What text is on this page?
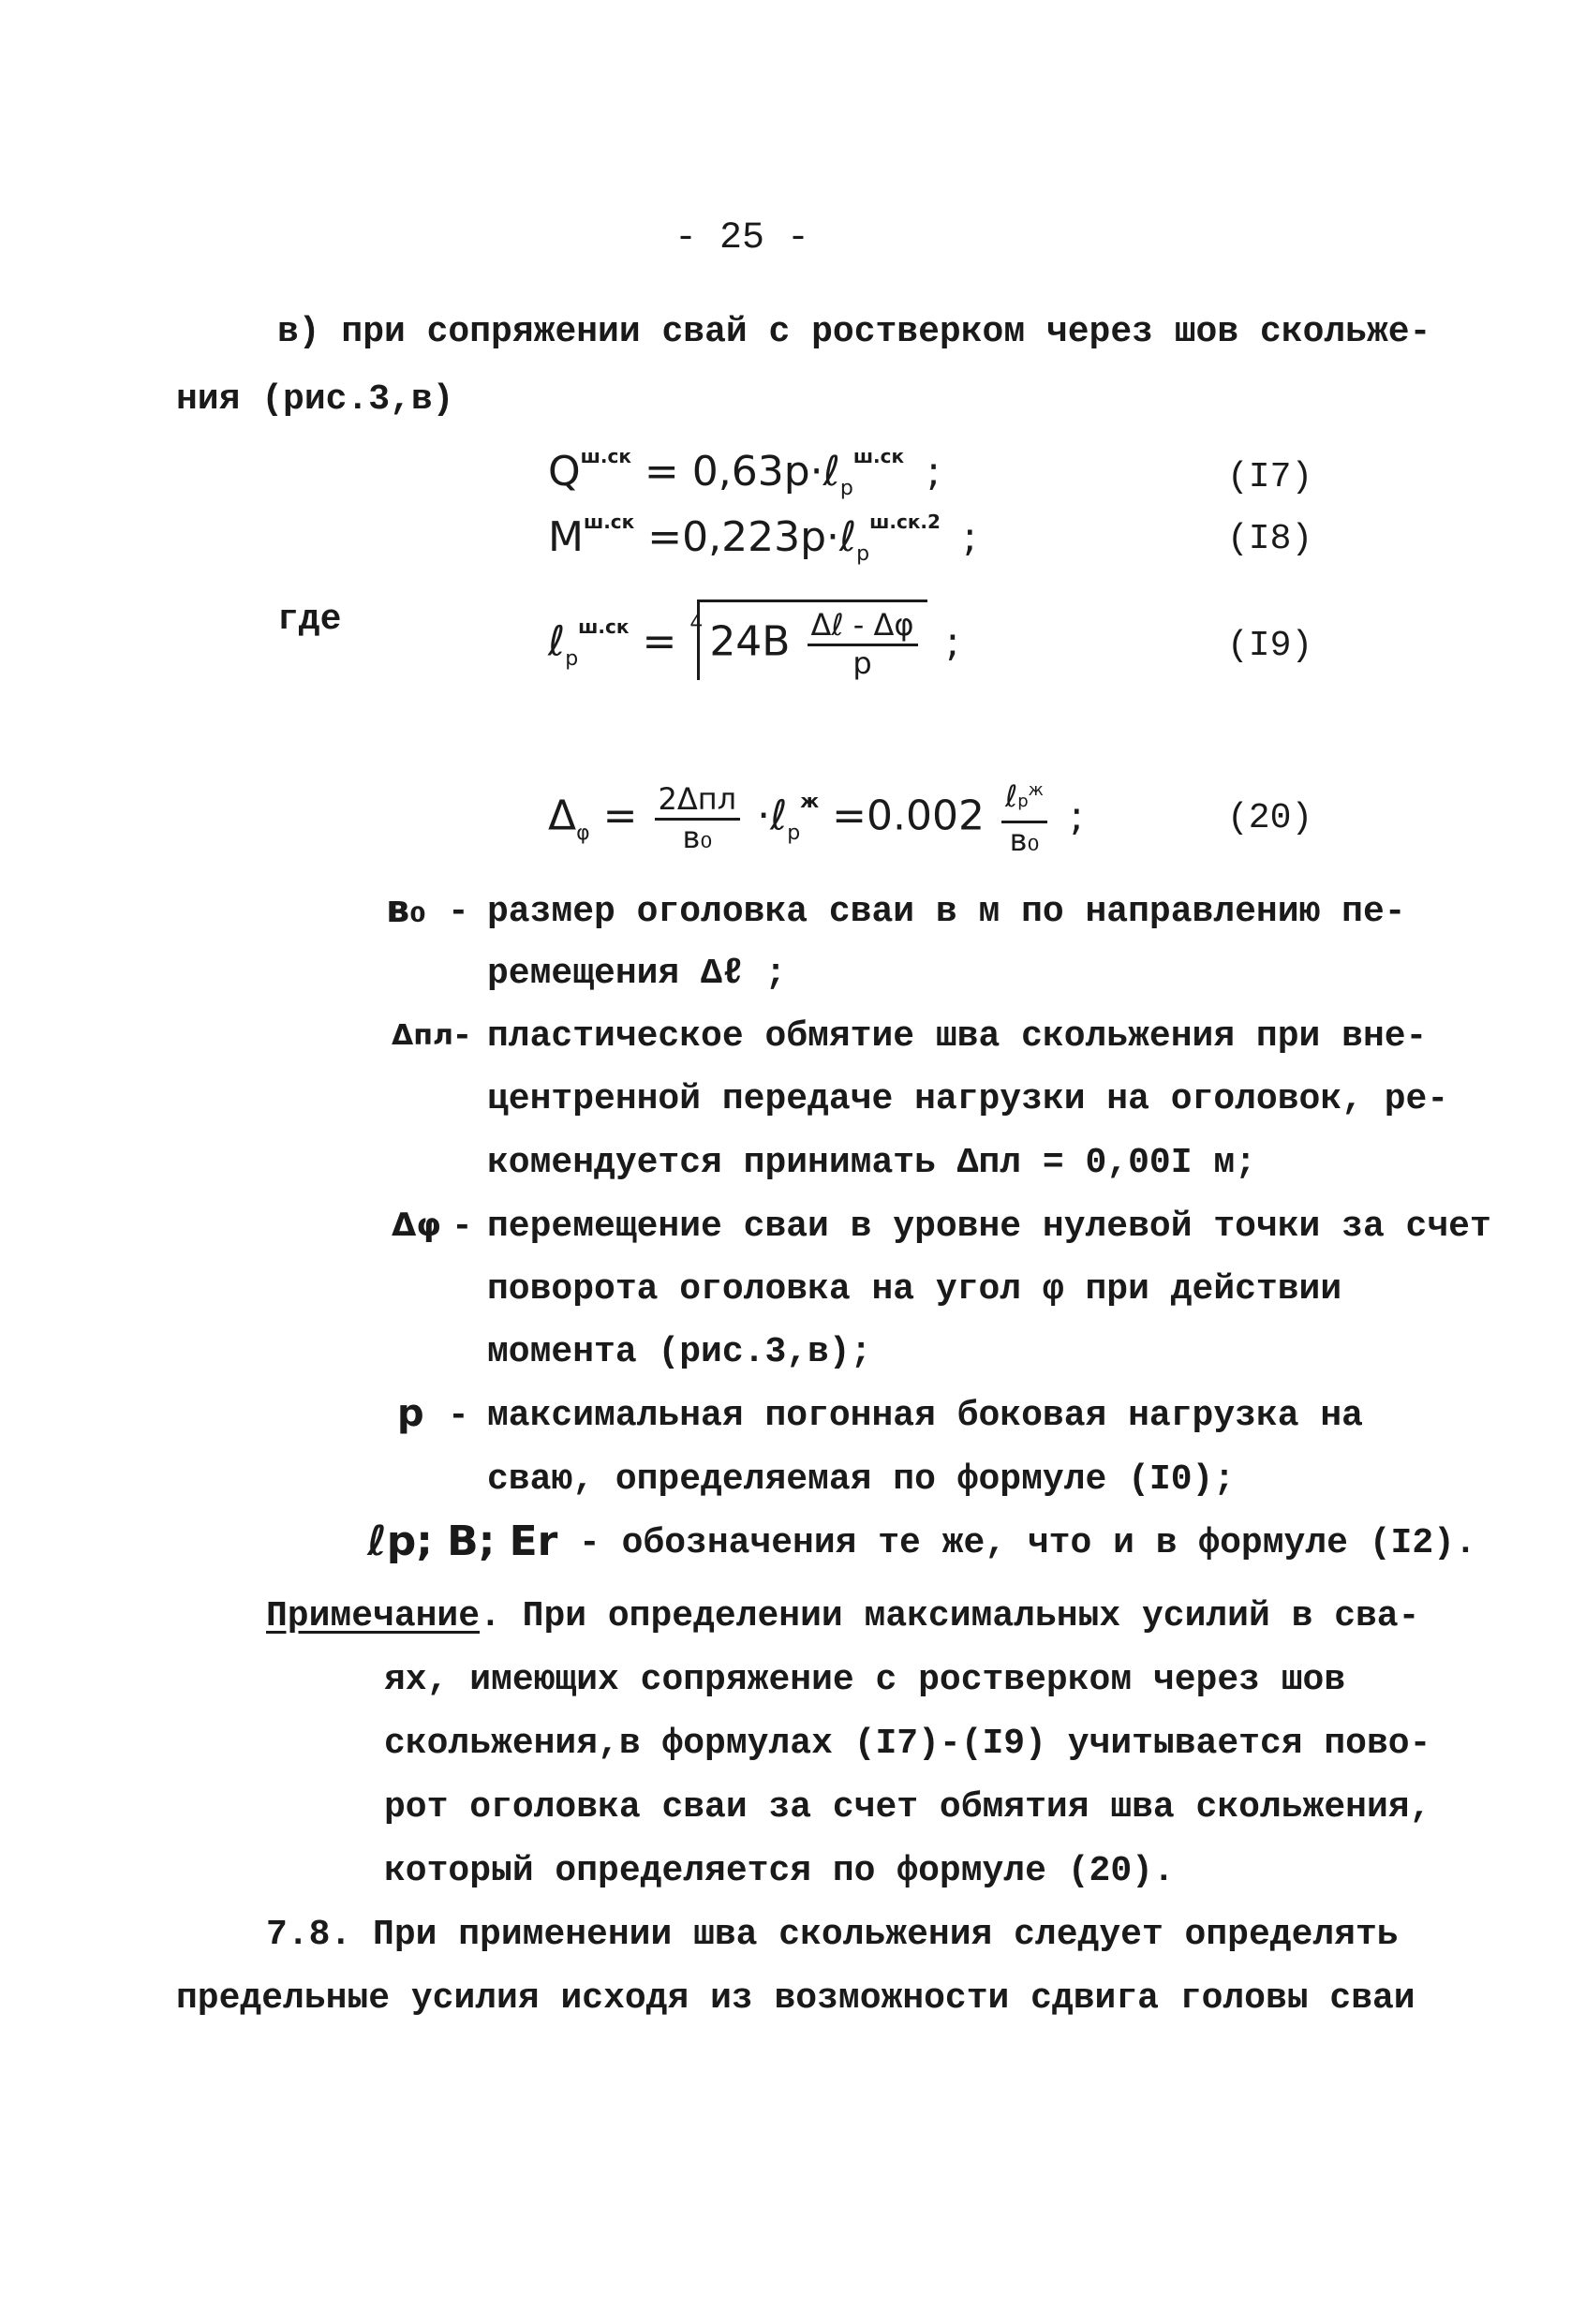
- 25 -
в) при сопряжении свай с ростверком через шов скольже-
ния (рис.3,в)
$Q^{ш.ск}$ = 0,63p·ℓ$_p^{ш.ск}$ ;	(I7)
$M^{ш.ск}$ =0,223p·ℓ$_p^{ш.ск.2}$ ;	(I8)
где	ℓ$_p^{ш.ск}$ = $^4$ $24B \frac{\text{Δℓ - Δφ}}{p}$ ;	(I9)
$\Delta_\varphi = \frac{\text{2Δпл}}{\text{в₀}}$ ·ℓ$_p^ж$ $=0.002 \frac{\ell p^ж}{\text{в₀}}$ ;	(20)
в₀ - размер оголовка сваи в м по направлению пе-
ремещения Δℓ ;
Δпл
- пластическое обмятие шва скольжения при вне-
центренной передаче нагрузки на оголовок, ре-
комендуется принимать Δпл = 0,00I м;
Δφ - перемещение сваи в уровне нулевой точки за счет
поворота оголовка на угол φ при действии
момента (рис.3,в);
p - максимальная погонная боковая нагрузка на
сваю, определяемая по формуле (I0);
ℓp; B; Er - обозначения те же, что и в формуле (I2).
Примечание. При определении максимальных усилий в сва-
ях, имеющих сопряжение с ростверком через шов
скольжения,в формулах (I7)-(I9) учитывается пово-
рот оголовка сваи за счет обмятия шва скольжения,
который определяется по формуле (20).
7.8. При применении шва скольжения следует определять
предельные усилия исходя из возможности сдвига головы сваи
